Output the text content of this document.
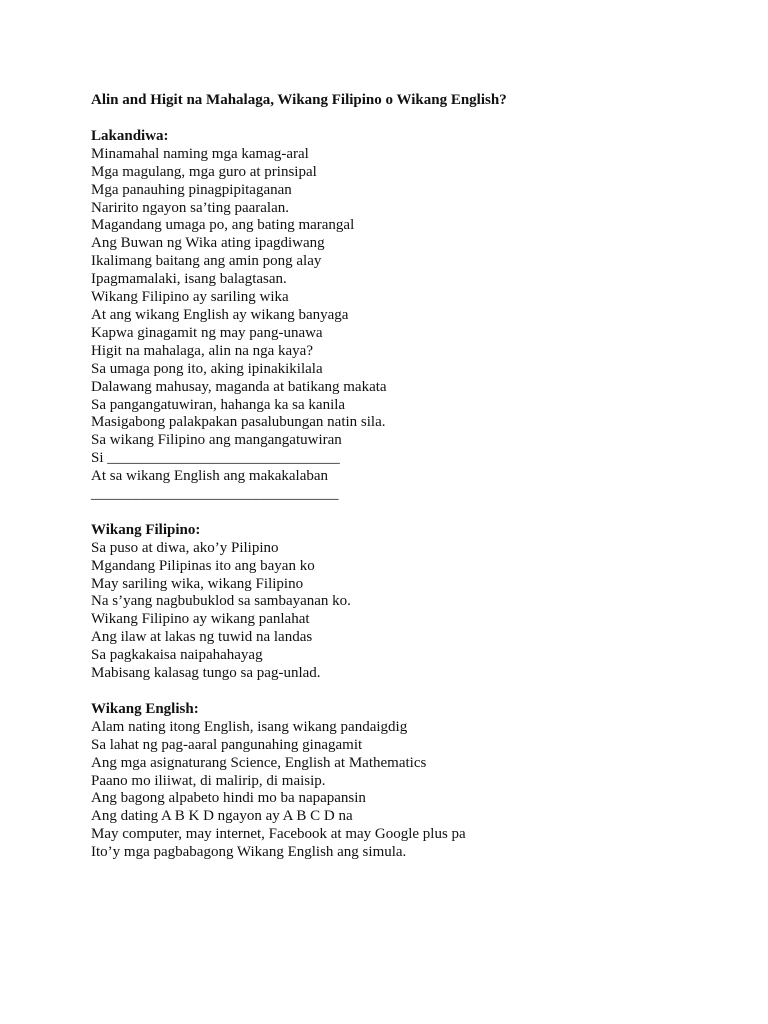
Alin and Higit na Mahalaga, Wikang Filipino o Wikang English?
Lakandiwa:
Minamahal naming mga kamag-aral
Mga magulang, mga guro at prinsipal
Mga panauhing pinagpipitaganan
Naririto ngayon sa’ting paaralan.
Magandang umaga po, ang bating marangal
Ang Buwan ng Wika ating ipagdiwang
Ikalimang baitang ang amin pong alay
Ipagmamalaki, isang balagtasan.
Wikang Filipino ay sariling wika
At ang wikang English ay wikang banyaga
Kapwa ginagamit ng may pang-unawa
Higit na mahalaga, alin na nga kaya?
Sa umaga pong ito, aking ipinakikilala
Dalawang mahusay, maganda at batikang makata
Sa pangangatuwiran, hahanga ka sa kanila
Masigabong palakpakan pasalubungan natin sila.
Sa wikang Filipino ang mangangatuwiran
Si _______________________________
At sa wikang English ang makakalaban
_________________________________
Wikang Filipino:
Sa puso at diwa, ako’y Pilipino
Mgandang Pilipinas ito ang bayan ko
May sariling wika, wikang Filipino
Na s’yang nagbubuklod sa sambayanan ko.
Wikang Filipino ay wikang panlahat
Ang ilaw at lakas ng tuwid na landas
Sa pagkakaisa naipahahayag
Mabisang kalasag tungo sa pag-unlad.
Wikang English:
Alam nating itong English, isang wikang pandaigdig
Sa lahat ng pag-aaral pangunahing ginagamit
Ang mga asignaturang Science, English at Mathematics
Paano mo iliiwat, di malirip, di maisip.
Ang bagong alpabeto hindi mo ba napapansin
Ang dating A B K D ngayon ay A B C D na
May computer, may internet, Facebook at may Google plus pa
Ito’y mga pagbabagong Wikang English ang simula.
